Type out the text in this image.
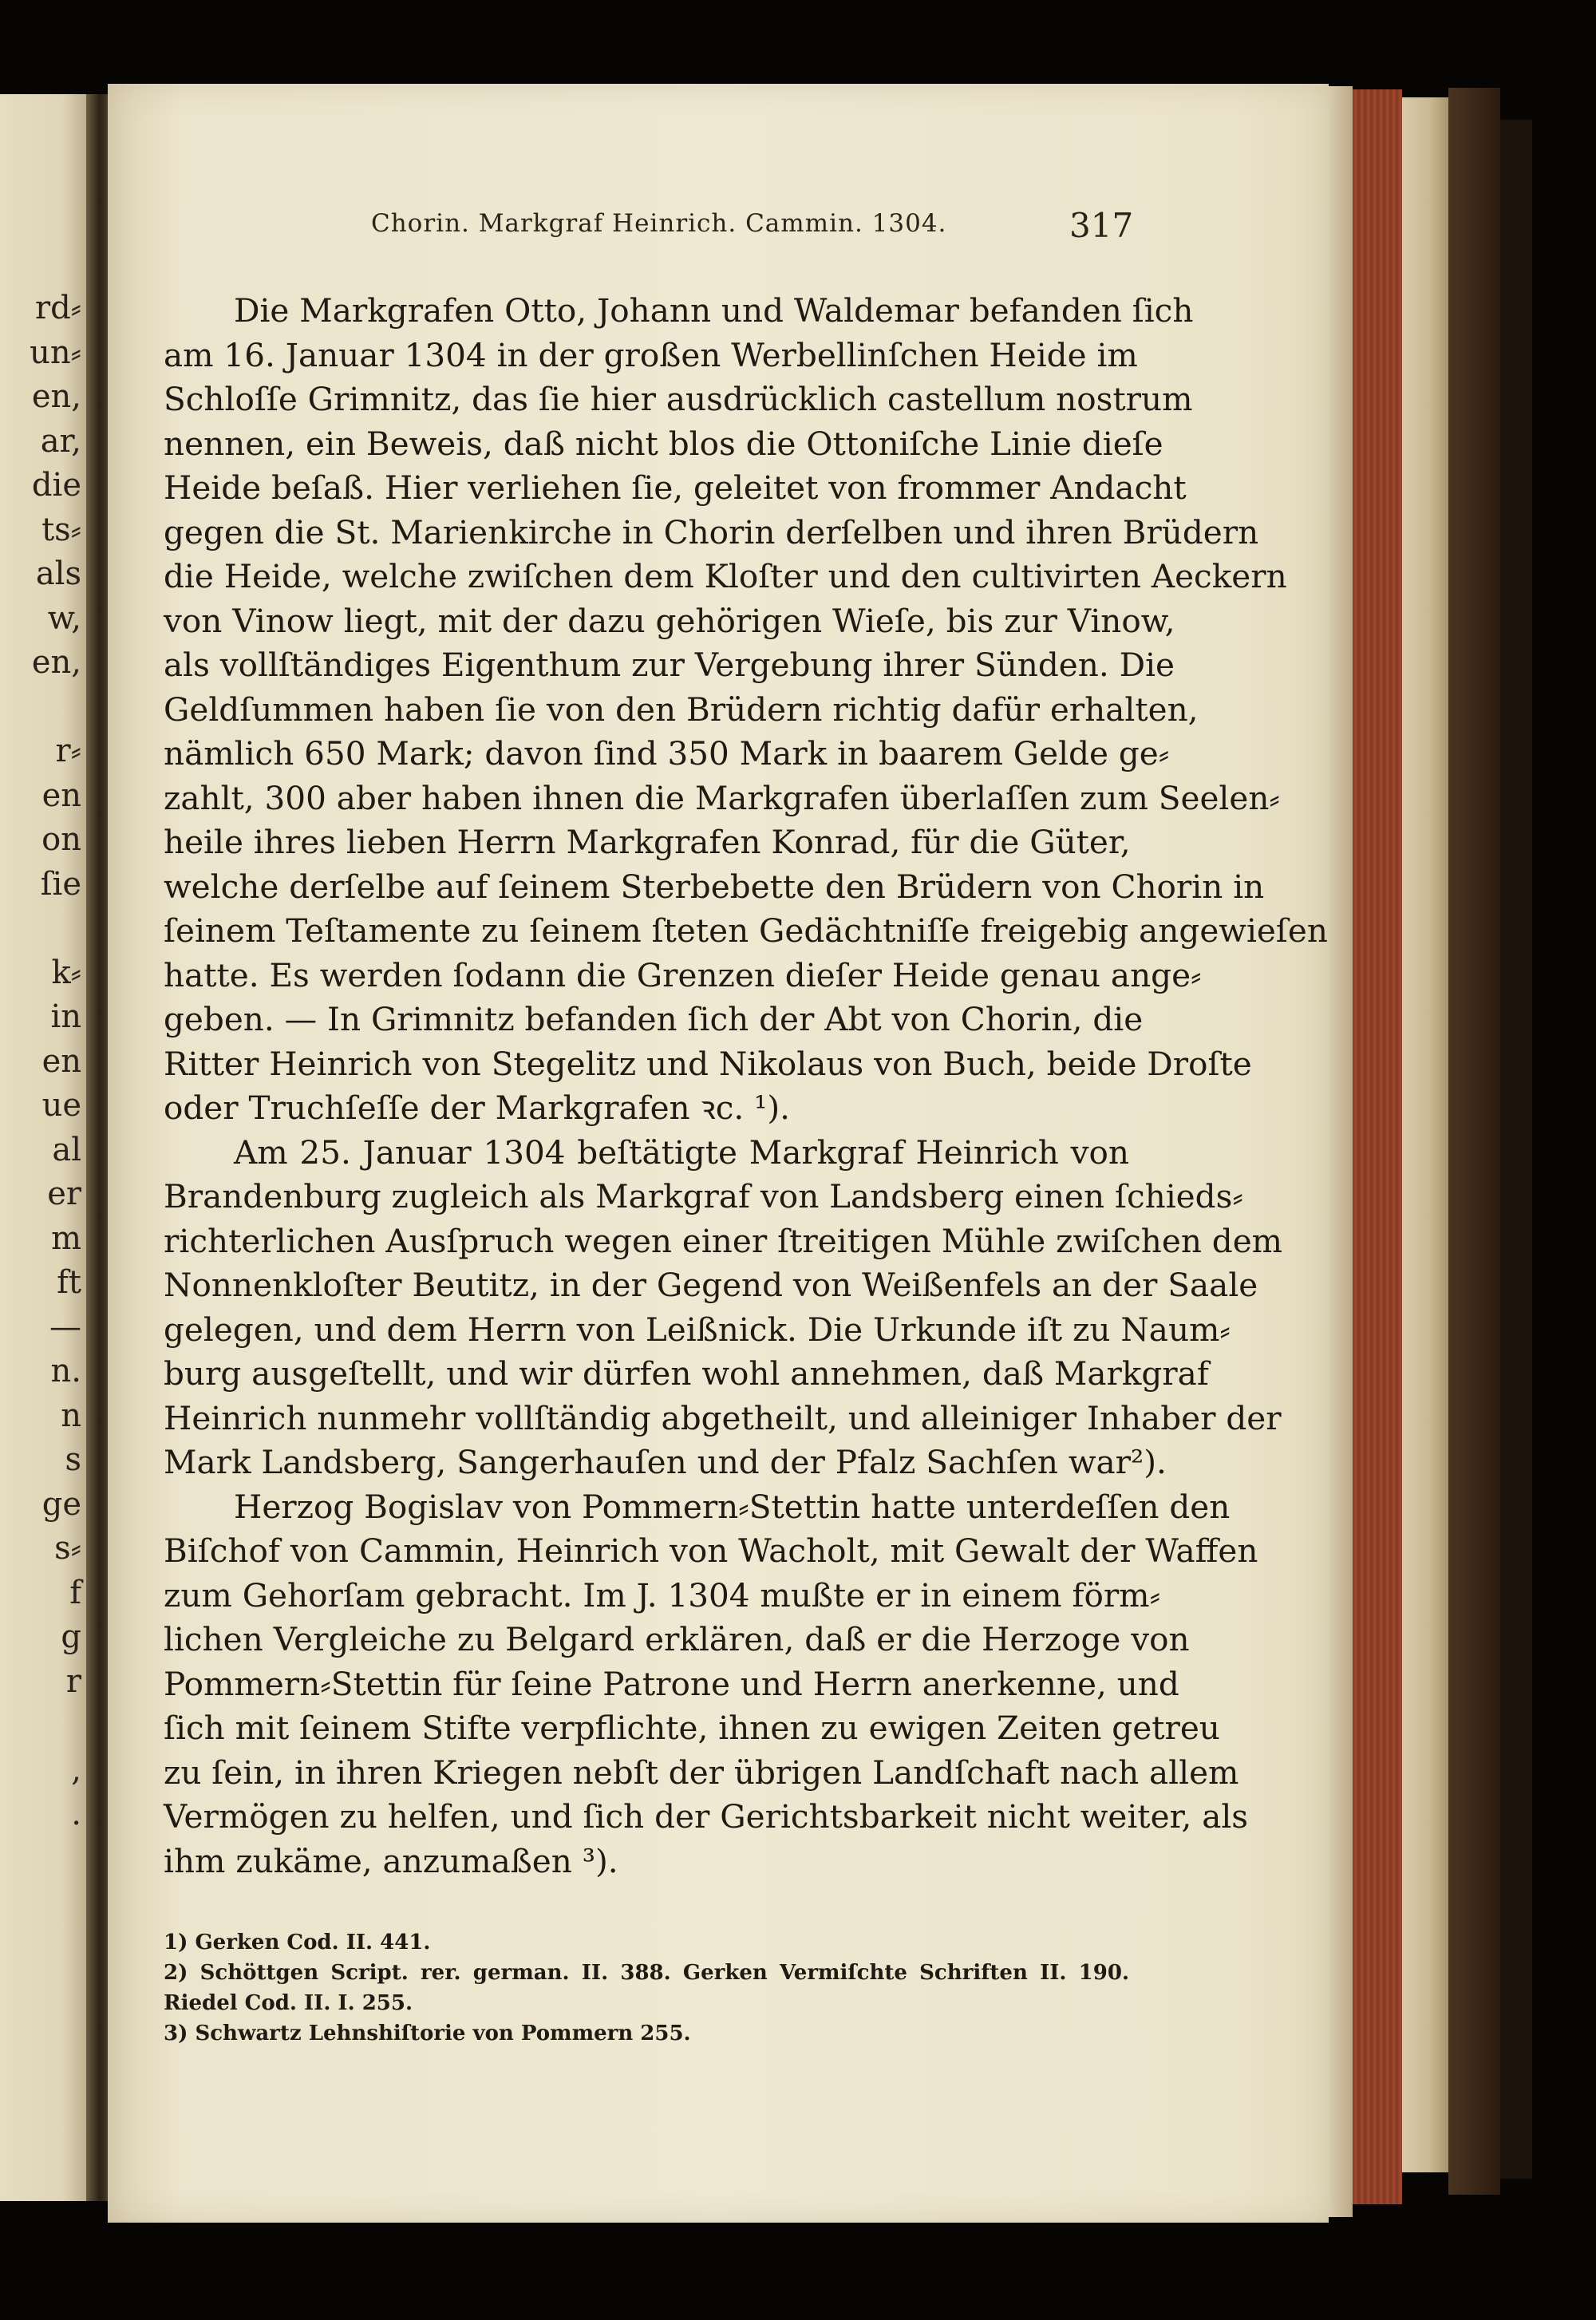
rd⸗
un⸗
en,
ar,
die
ts⸗
als
w,
en,
r⸗
en
on
ſie
k⸗
in
en
ue
al
er
m
ft
—
n.
n
s
ge
s⸗
f
g
r
,
.
Chorin. Markgraf Heinrich. Cammin. 1304.	317
Die Markgrafen Otto, Johann und Waldemar befanden ſich
am 16. Januar 1304 in der großen Werbellinſchen Heide im
Schloſſe Grimnitz, das ſie hier ausdrücklich castellum nostrum
nennen, ein Beweis, daß nicht blos die Ottoniſche Linie dieſe
Heide beſaß. Hier verliehen ſie, geleitet von frommer Andacht
gegen die St. Marienkirche in Chorin derſelben und ihren Brüdern
die Heide, welche zwiſchen dem Kloſter und den cultivirten Aeckern
von Vinow liegt, mit der dazu gehörigen Wieſe, bis zur Vinow,
als vollſtändiges Eigenthum zur Vergebung ihrer Sünden. Die
Geldſummen haben ſie von den Brüdern richtig dafür erhalten,
nämlich 650 Mark; davon ſind 350 Mark in baarem Gelde ge⸗
zahlt, 300 aber haben ihnen die Markgrafen überlaſſen zum Seelen⸗
heile ihres lieben Herrn Markgrafen Konrad, für die Güter,
welche derſelbe auf ſeinem Sterbebette den Brüdern von Chorin in
ſeinem Teſtamente zu ſeinem ſteten Gedächtniſſe freigebig angewieſen
hatte. Es werden ſodann die Grenzen dieſer Heide genau ange⸗
geben. — In Grimnitz befanden ſich der Abt von Chorin, die
Ritter Heinrich von Stegelitz und Nikolaus von Buch, beide Droſte
oder Truchſeſſe der Markgrafen ꝛc. ¹).
Am 25. Januar 1304 beſtätigte Markgraf Heinrich von
Brandenburg zugleich als Markgraf von Landsberg einen ſchieds⸗
richterlichen Ausſpruch wegen einer ſtreitigen Mühle zwiſchen dem
Nonnenkloſter Beutitz, in der Gegend von Weißenfels an der Saale
gelegen, und dem Herrn von Leißnick. Die Urkunde iſt zu Naum⸗
burg ausgeſtellt, und wir dürfen wohl annehmen, daß Markgraf
Heinrich nunmehr vollſtändig abgetheilt, und alleiniger Inhaber der
Mark Landsberg, Sangerhauſen und der Pfalz Sachſen war²).
Herzog Bogislav von Pommern⸗Stettin hatte unterdeſſen den
Biſchof von Cammin, Heinrich von Wacholt, mit Gewalt der Waffen
zum Gehorſam gebracht. Im J. 1304 mußte er in einem förm⸗
lichen Vergleiche zu Belgard erklären, daß er die Herzoge von
Pommern⸗Stettin für ſeine Patrone und Herrn anerkenne, und
ſich mit ſeinem Stifte verpflichte, ihnen zu ewigen Zeiten getreu
zu ſein, in ihren Kriegen nebſt der übrigen Landſchaft nach allem
Vermögen zu helfen, und ſich der Gerichtsbarkeit nicht weiter, als
ihm zukäme, anzumaßen ³).
1) Gerken Cod. II. 441.
2) Schöttgen Script. rer. german. II. 388. Gerken Vermiſchte Schriften II. 190.
Riedel Cod. II. I. 255.
3) Schwartz Lehnshiſtorie von Pommern 255.
